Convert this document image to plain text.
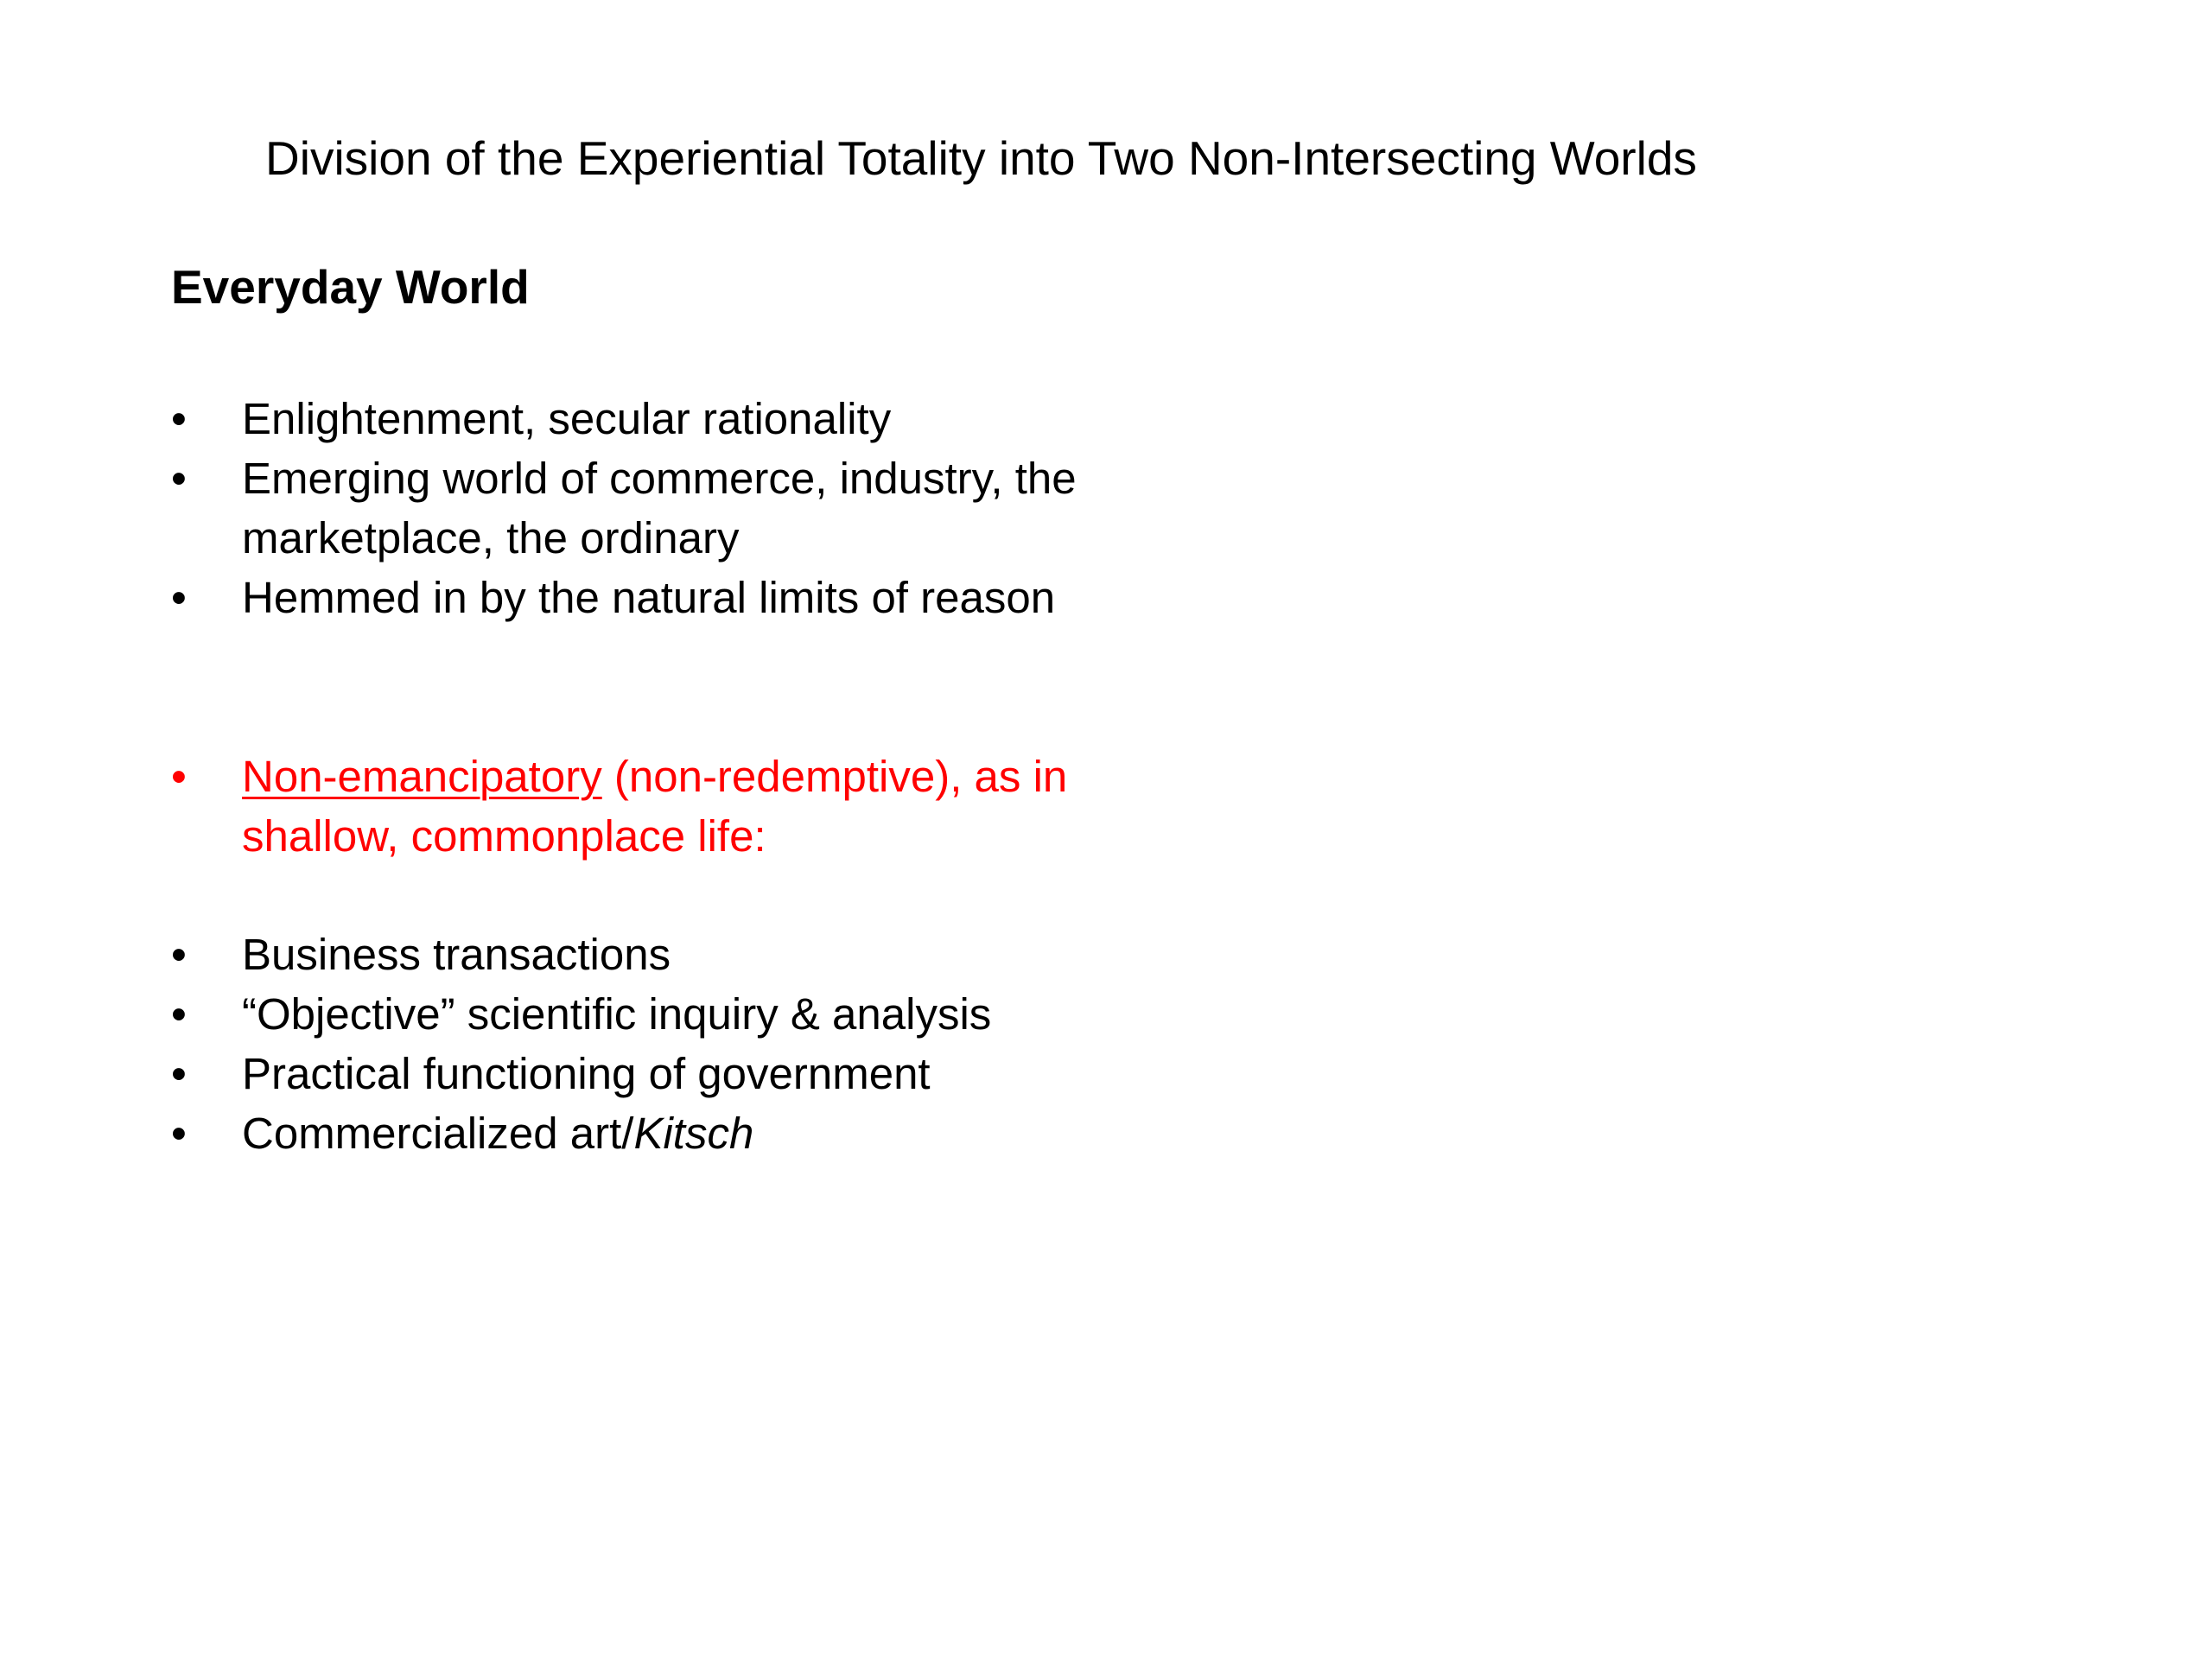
Division of the Experiential Totality into Two Non-Intersecting Worlds
Everyday World
• Enlightenment, secular rationality
• Emerging world of commerce, industry, the marketplace, the ordinary
• Hemmed in by the natural limits of reason
• Non-emancipatory (non-redemptive), as in shallow, commonplace life:
• Business transactions
• “Objective” scientific inquiry & analysis
• Practical functioning of government
• Commercialized art/Kitsch
